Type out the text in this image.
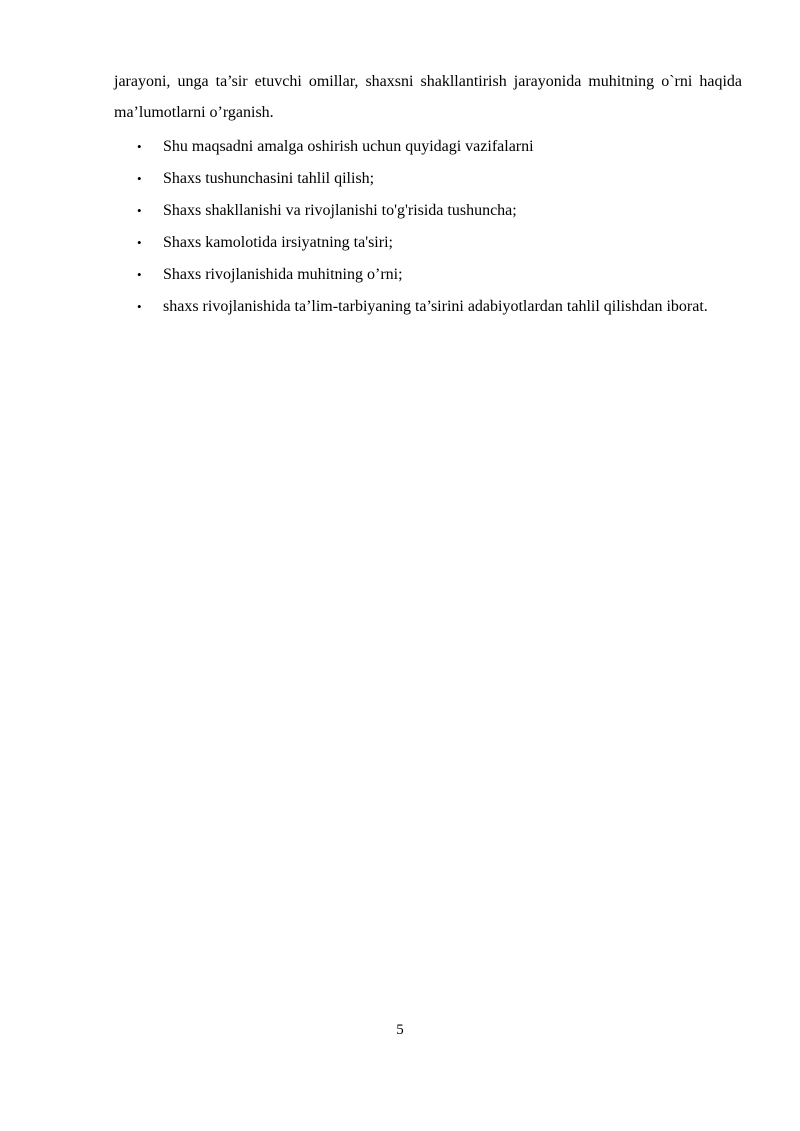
jarayoni, unga ta’sir etuvchi omillar, shaxsni shakllantirish jarayonida muhitning o`rni haqida ma’lumotlarni o’rganish.

• Shu maqsadni amalga oshirish uchun quyidagi vazifalarni
• Shaxs tushunchasini tahlil qilish;
• Shaxs shakllanishi va rivojlanishi to'g'risida tushuncha;
• Shaxs kamolotida irsiyatning ta'siri;
• Shaxs rivojlanishida muhitning o’rni;
• shaxs rivojlanishida ta’lim-tarbiyaning ta’sirini adabiyotlardan tahlil qilishdan iborat.
5
